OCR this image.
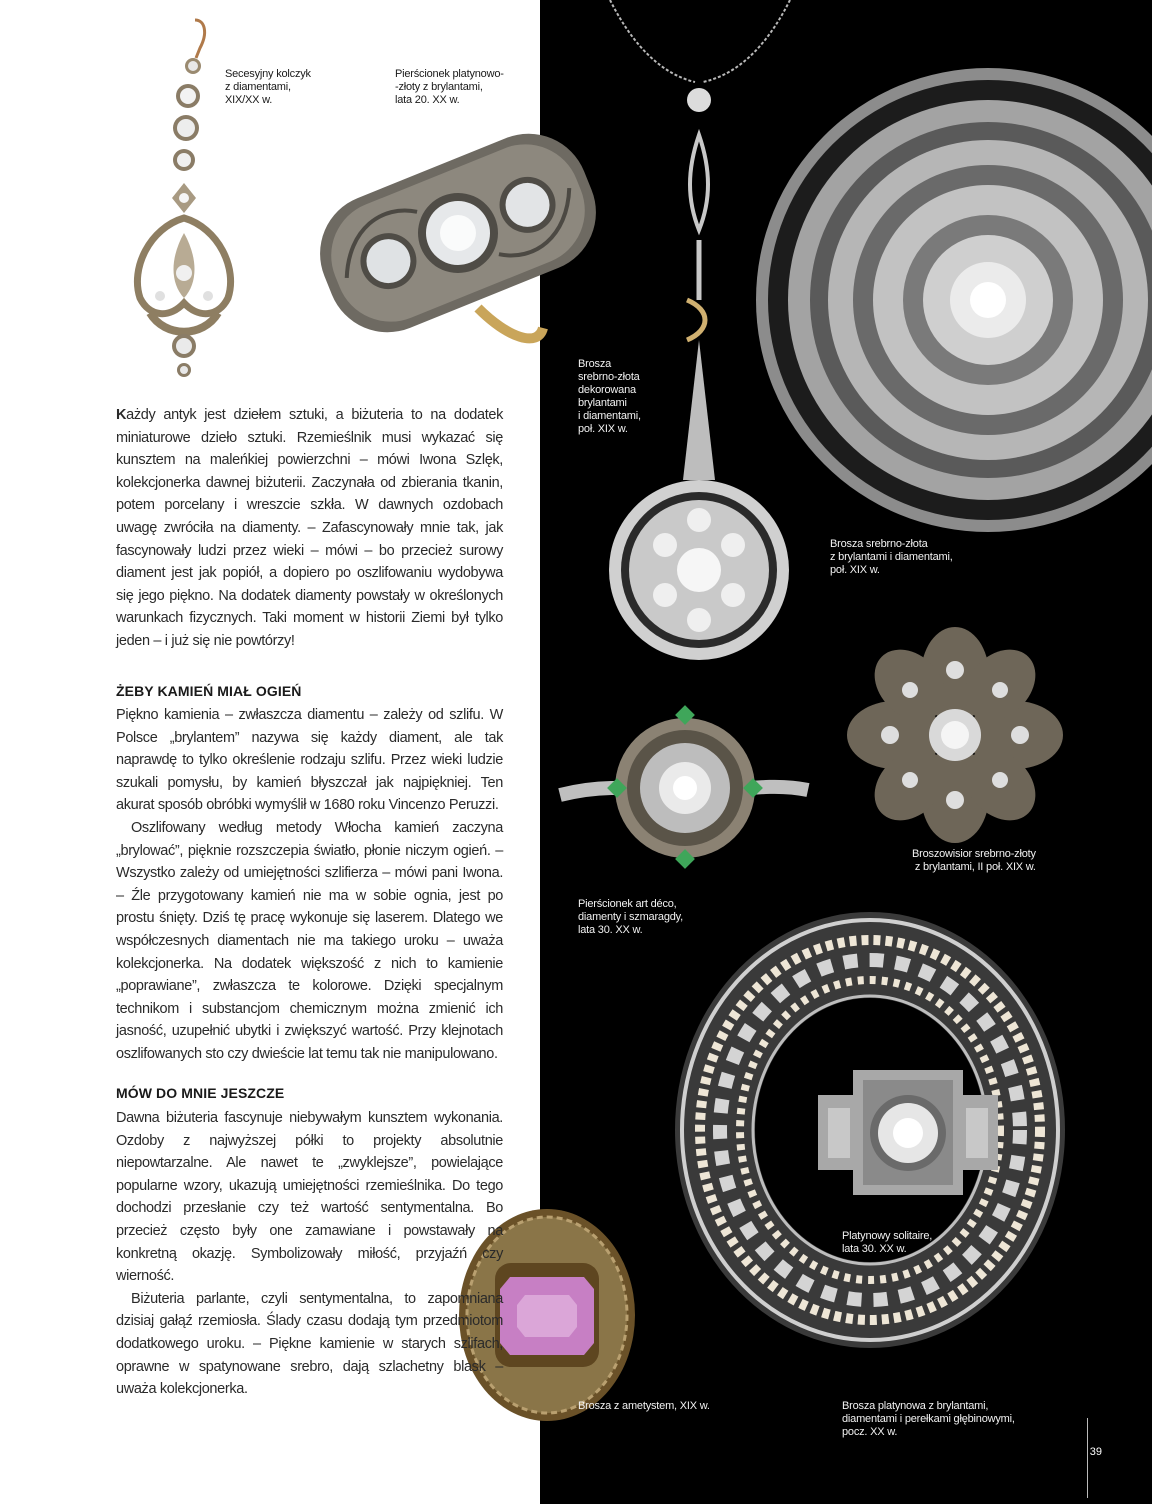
Secesyjny kolczyk
z diamentami,
XIX/XX w.
Pierścionek platynowo-
-złoty z brylantami,
lata 20. XX w.
Brosza
srebrno-złota
dekorowana
brylantami
i diamentami,
poł. XIX w.
Brosza srebrno-złota
z brylantami i diamentami,
poł. XIX w.
Broszowisior srebrno-złoty
z brylantami, II poł. XIX w.
Pierścionek art déco,
diamenty i szmaragdy,
lata 30. XX w.
Platynowy solitaire,
lata 30. XX w.
Brosza z ametystem, XIX w.	Brosza platynowa z brylantami,
diamentami i perełkami głębinowymi,
pocz. XX w.

Każdy antyk jest dziełem sztuki, a biżuteria to na dodatek miniaturowe dzieło sztuki. Rzemieślnik musi wykazać się kunsztem na maleńkiej powierzchni – mówi Iwona Szlęk, kolekcjonerka dawnej biżuterii. Zaczynała od zbierania tkanin, potem porcelany i wreszcie szkła. W dawnych ozdobach uwagę zwróciła na diamenty. – Zafascynowały mnie tak, jak fascynowały ludzi przez wieki – mówi – bo przecież surowy diament jest jak popiół, a dopiero po oszlifowaniu wydobywa się jego piękno. Na dodatek diamenty powstały w określonych warunkach fizycznych. Taki moment w historii Ziemi był tylko jeden – i już się nie powtórzy!

ŻEBY KAMIEŃ MIAŁ OGIEŃ

Piękno kamienia – zwłaszcza diamentu – zależy od szlifu. W Polsce „brylantem” nazywa się każdy diament, ale tak naprawdę to tylko określenie rodzaju szlifu. Przez wieki ludzie szukali pomysłu, by kamień błyszczał jak najpiękniej. Ten akurat sposób obróbki wymyślił w 1680 roku Vincenzo Peruzzi.

Oszlifowany według metody Włocha kamień zaczyna „brylować”, pięknie rozszczepia światło, płonie niczym ogień. – Wszystko zależy od umiejętności szlifierza – mówi pani Iwona. – Źle przygotowany kamień nie ma w sobie ognia, jest po prostu śnięty. Dziś tę pracę wykonuje się laserem. Dlatego we współczesnych diamentach nie ma takiego uroku – uważa kolekcjonerka. Na dodatek większość z nich to kamienie „poprawiane”, zwłaszcza te kolorowe. Dzięki specjalnym technikom i substancjom chemicznym można zmienić ich jasność, uzupełnić ubytki i zwiększyć wartość. Przy klejnotach oszlifowanych sto czy dwieście lat temu tak nie manipulowano.

MÓW DO MNIE JESZCZE

Dawna biżuteria fascynuje niebywałym kunsztem wykonania. Ozdoby z najwyższej półki to projekty absolutnie niepowtarzalne. Ale nawet te „zwyklejsze”, powielające popularne wzory, ukazują umiejętności rzemieślnika. Do tego dochodzi przesłanie czy też wartość sentymentalna. Bo przecież często były one zamawiane i powstawały na konkretną okazję. Symbolizowały miłość, przyjaźń czy wierność.

Biżuteria parlante, czyli sentymentalna, to zapomniana dzisiaj gałąź rzemiosła. Ślady czasu dodają tym przedmiotom dodatkowego uroku. – Piękne kamienie w starych szlifach, oprawne w spatynowane srebro, dają szlachetny blask – uważa kolekcjonerka.

39
